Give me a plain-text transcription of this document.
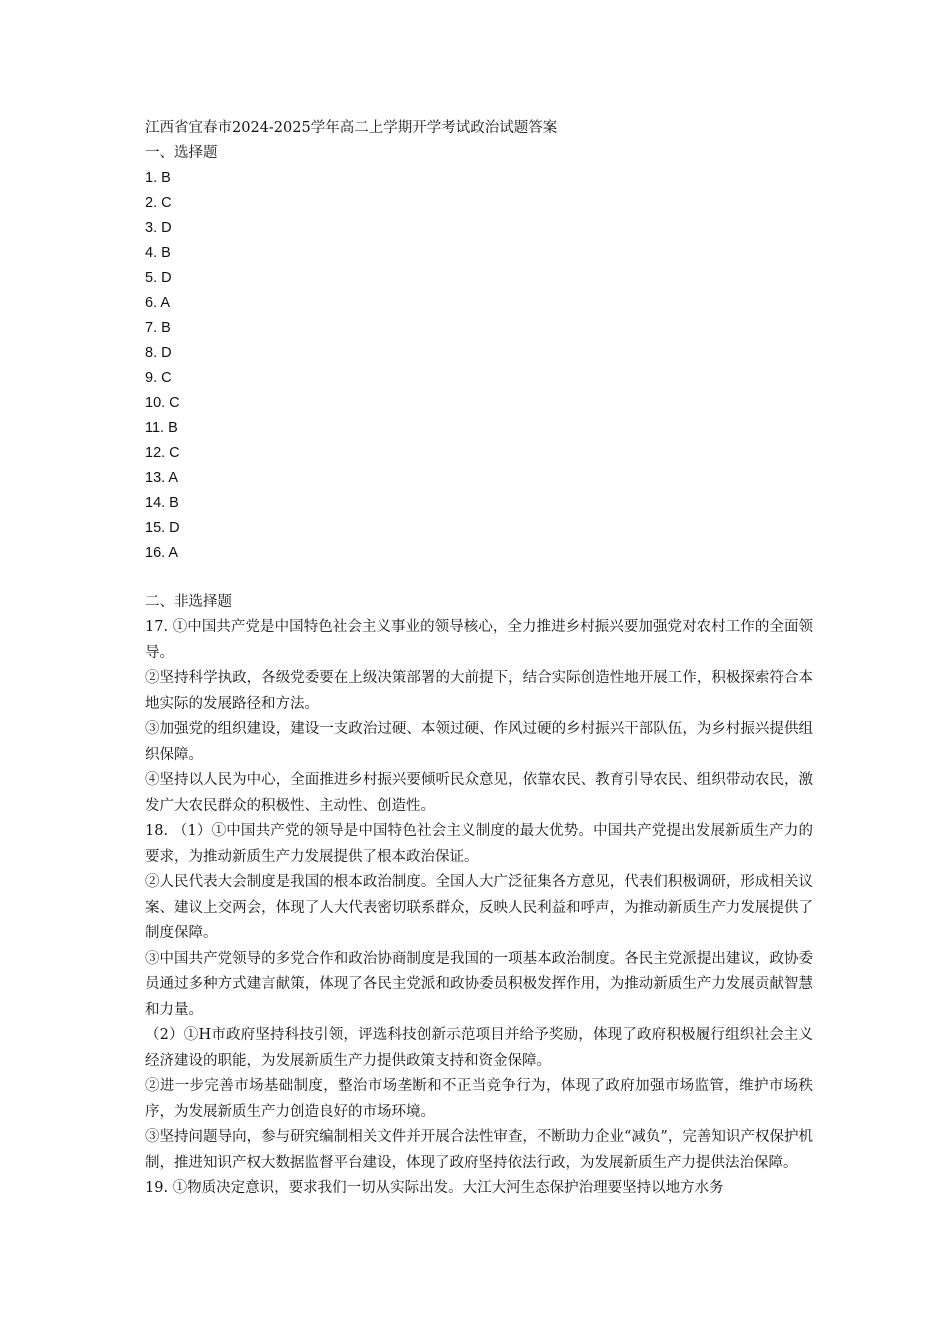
江西省宜春市2024-2025学年高二上学期开学考试政治试题答案
一、选择题
1. B
2. C
3. D
4. B
5. D
6. A
7. B
8. D
9. C
10. C
11. B
12. C
13. A
14. B
15. D
16. A
二、非选择题
17. ①中国共产党是中国特色社会主义事业的领导核心，全力推进乡村振兴要加强党对农村工作的全面领导。
②坚持科学执政，各级党委要在上级决策部署的大前提下，结合实际创造性地开展工作，积极探索符合本地实际的发展路径和方法。
③加强党的组织建设，建设一支政治过硬、本领过硬、作风过硬的乡村振兴干部队伍，为乡村振兴提供组织保障。
④坚持以人民为中心，全面推进乡村振兴要倾听民众意见，依靠农民、教育引导农民、组织带动农民，激发广大农民群众的积极性、主动性、创造性。
18. （1）①中国共产党的领导是中国特色社会主义制度的最大优势。中国共产党提出发展新质生产力的要求，为推动新质生产力发展提供了根本政治保证。
②人民代表大会制度是我国的根本政治制度。全国人大广泛征集各方意见，代表们积极调研，形成相关议案、建议上交两会，体现了人大代表密切联系群众，反映人民利益和呼声，为推动新质生产力发展提供了制度保障。
③中国共产党领导的多党合作和政治协商制度是我国的一项基本政治制度。各民主党派提出建议，政协委员通过多种方式建言献策，体现了各民主党派和政协委员积极发挥作用，为推动新质生产力发展贡献智慧和力量。
（2）①H市政府坚持科技引领，评选科技创新示范项目并给予奖励，体现了政府积极履行组织社会主义经济建设的职能，为发展新质生产力提供政策支持和资金保障。
②进一步完善市场基础制度，整治市场垄断和不正当竞争行为，体现了政府加强市场监管，维护市场秩序，为发展新质生产力创造良好的市场环境。
③坚持问题导向，参与研究编制相关文件并开展合法性审查，不断助力企业“减负”，完善知识产权保护机制，推进知识产权大数据监督平台建设，体现了政府坚持依法行政，为发展新质生产力提供法治保障。
19. ①物质决定意识，要求我们一切从实际出发。大江大河生态保护治理要坚持以地方水务
